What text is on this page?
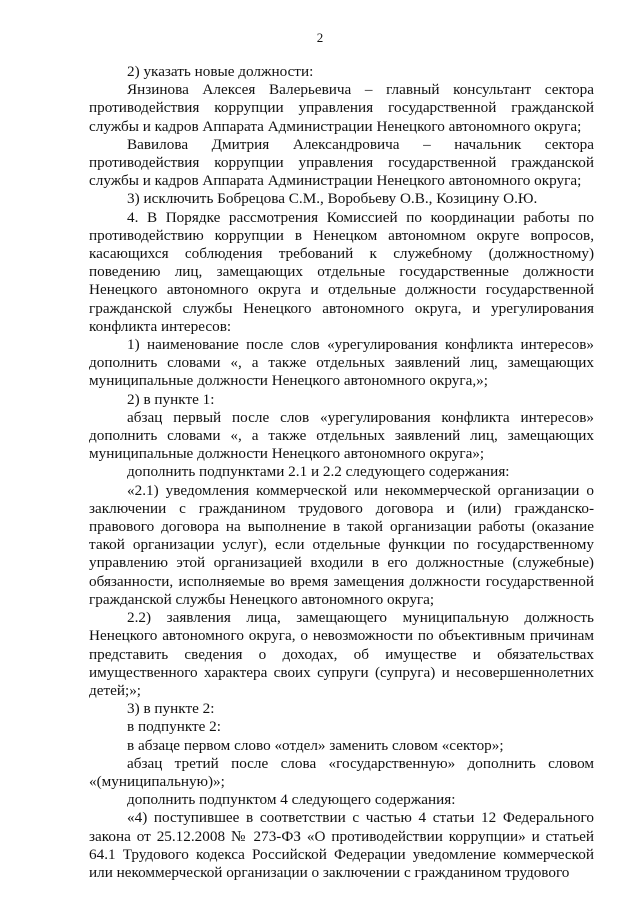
2

2) указать новые должности:

Янзинова Алексея Валерьевича – главный консультант сектора противодействия коррупции управления государственной гражданской службы и кадров Аппарата Администрации Ненецкого автономного округа;

Вавилова Дмитрия Александровича – начальник сектора противодействия коррупции управления государственной гражданской службы и кадров Аппарата Администрации Ненецкого автономного округа;

3) исключить Бобрецова С.М., Воробьеву О.В., Козицину О.Ю.

4. В Порядке рассмотрения Комиссией по координации работы по противодействию коррупции в Ненецком автономном округе вопросов, касающихся соблюдения требований к служебному (должностному) поведению лиц, замещающих отдельные государственные должности Ненецкого автономного округа и отдельные должности государственной гражданской службы Ненецкого автономного округа, и урегулирования конфликта интересов:

1) наименование после слов «урегулирования конфликта интересов» дополнить словами «, а также отдельных заявлений лиц, замещающих муниципальные должности Ненецкого автономного округа,»;

2) в пункте 1:

абзац первый после слов «урегулирования конфликта интересов» дополнить словами «, а также отдельных заявлений лиц, замещающих муниципальные должности Ненецкого автономного округа»;

дополнить подпунктами 2.1 и 2.2 следующего содержания:

«2.1) уведомления коммерческой или некоммерческой организации о заключении с гражданином трудового договора и (или) гражданско-правового договора на выполнение в такой организации работы (оказание такой организации услуг), если отдельные функции по государственному управлению этой организацией входили в его должностные (служебные) обязанности, исполняемые во время замещения должности государственной гражданской службы Ненецкого автономного округа;

2.2) заявления лица, замещающего муниципальную должность Ненецкого автономного округа, о невозможности по объективным причинам представить сведения о доходах, об имуществе и обязательствах имущественного характера своих супруги (супруга) и несовершеннолетних детей;»;

3) в пункте 2:

в подпункте 2:

в абзаце первом слово «отдел» заменить словом «сектор»;

абзац третий после слова «государственную» дополнить словом «(муниципальную)»;

дополнить подпунктом 4 следующего содержания:

«4) поступившее в соответствии с частью 4 статьи 12 Федерального закона от 25.12.2008 № 273-ФЗ «О противодействии коррупции» и статьей 64.1 Трудового кодекса Российской Федерации уведомление коммерческой или некоммерческой организации о заключении с гражданином трудового
